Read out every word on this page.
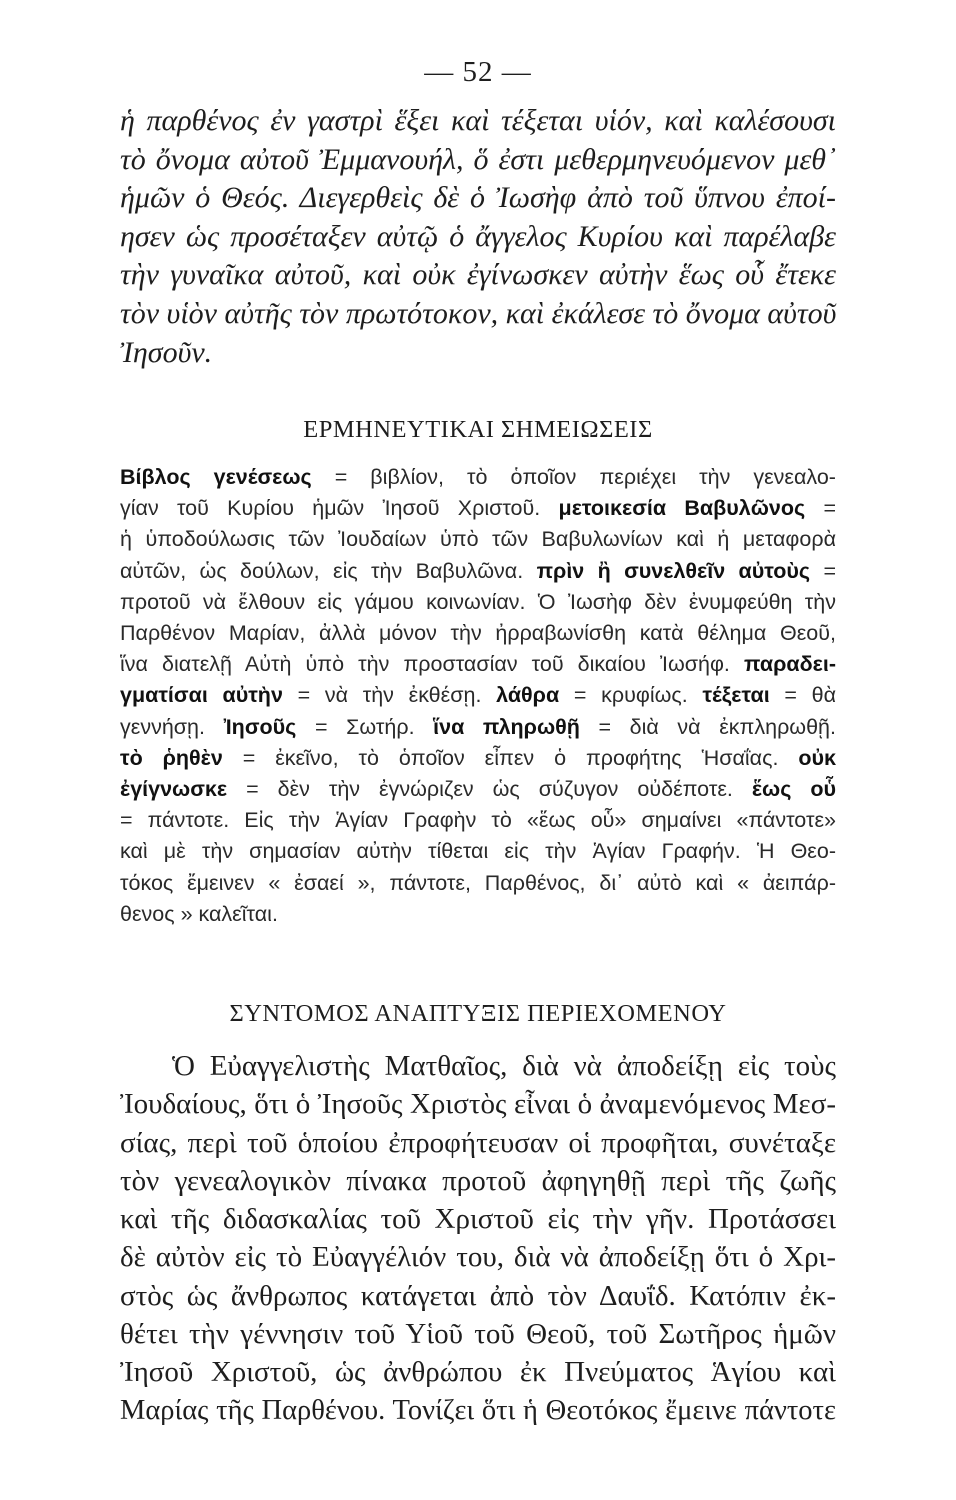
— 52 —
ἡ παρθένος ἐν γαστρὶ ἕξει καὶ τέξεται υἱόν, καὶ καλέσουσι
τὸ ὄνομα αὐτοῦ Ἐμμανουήλ, ὅ ἐστι μεθερμηνευόμενον μεθ᾽
ἡμῶν ὁ Θεός. Διεγερθεὶς δὲ ὁ Ἰωσὴφ ἀπὸ τοῦ ὕπνου ἐποί-
ησεν ὡς προσέταξεν αὐτῷ ὁ ἄγγελος Κυρίου καὶ παρέλαβε
τὴν γυναῖκα αὐτοῦ, καὶ οὐκ ἐγίνωσκεν αὐτὴν ἕως οὗ ἔτεκε
τὸν υἱὸν αὐτῆς τὸν πρωτότοκον, καὶ ἐκάλεσε τὸ ὄνομα αὐτοῦ
Ἰησοῦν.
ΕΡΜΗΝΕΥΤΙΚΑΙ ΣΗΜΕΙΩΣΕΙΣ
Βίβλος γενέσεως = βιβλίον, τὸ ὁποῖον περιέχει τὴν γενεαλο-
γίαν τοῦ Κυρίου ἡμῶν Ἰησοῦ Χριστοῦ. μετοικεσία Βαβυλῶνος =
ἡ ὑποδούλωσις τῶν Ἰουδαίων ὑπὸ τῶν Βαβυλωνίων καὶ ἡ μεταφορὰ
αὐτῶν, ὡς δούλων, εἰς τὴν Βαβυλῶνα. πρὶν ἢ συνελθεῖν αὐτοὺς =
προτοῦ νὰ ἔλθουν εἰς γάμου κοινωνίαν. Ὁ Ἰωσὴφ δὲν ἐνυμφεύθη τὴν
Παρθένον Μαρίαν, ἀλλὰ μόνον τὴν ἠρραβωνίσθη κατὰ θέλημα Θεοῦ,
ἵνα διατελῇ Αὐτὴ ὑπὸ τὴν προστασίαν τοῦ δικαίου Ἰωσήφ. παραδει-
γματίσαι αὐτὴν = νὰ τὴν ἐκθέσῃ. λάθρα = κρυφίως. τέξεται = θὰ
γεννήσῃ. Ἰησοῦς = Σωτήρ. ἵνα πληρωθῇ = διὰ νὰ ἐκπληρωθῇ.
τὸ ῥηθὲν = ἐκεῖνο, τὸ ὁποῖον εἶπεν ὁ προφήτης Ἡσαΐας. οὐκ
ἐγίγνωσκε = δὲν τὴν ἐγνώριζεν ὡς σύζυγον οὐδέποτε. ἕως οὗ
= πάντοτε. Εἰς τὴν Ἁγίαν Γραφὴν τὸ «ἕως οὗ» σημαίνει «πάντοτε»
καὶ μὲ τὴν σημασίαν αὐτὴν τίθεται εἰς τὴν Ἁγίαν Γραφήν. Ἡ Θεο-
τόκος ἔμεινεν « ἐσαεί », πάντοτε, Παρθένος, δι᾽ αὐτὸ καὶ « ἀειπάρ-
θενος » καλεῖται.
ΣΥΝΤΟΜΟΣ ΑΝΑΠΤΥΞΙΣ ΠΕΡΙΕΧΟΜΕΝΟΥ
Ὁ Εὐαγγελιστὴς Ματθαῖος, διὰ νὰ ἀποδείξῃ εἰς τοὺς
Ἰουδαίους, ὅτι ὁ Ἰησοῦς Χριστὸς εἶναι ὁ ἀναμενόμενος Μεσ-
σίας, περὶ τοῦ ὁποίου ἐπροφήτευσαν οἱ προφῆται, συνέταξε
τὸν γενεαλογικὸν πίνακα προτοῦ ἀφηγηθῇ περὶ τῆς ζωῆς
καὶ τῆς διδασκαλίας τοῦ Χριστοῦ εἰς τὴν γῆν. Προτάσσει
δὲ αὐτὸν εἰς τὸ Εὐαγγέλιόν του, διὰ νὰ ἀποδείξῃ ὅτι ὁ Χρι-
στὸς ὡς ἄνθρωπος κατάγεται ἀπὸ τὸν Δαυΐδ. Κατόπιν ἐκ-
θέτει τὴν γέννησιν τοῦ Υἱοῦ τοῦ Θεοῦ, τοῦ Σωτῆρος ἡμῶν
Ἰησοῦ Χριστοῦ, ὡς ἀνθρώπου ἐκ Πνεύματος Ἁγίου καὶ
Μαρίας τῆς Παρθένου. Τονίζει ὅτι ἡ Θεοτόκος ἔμεινε πάντοτε
